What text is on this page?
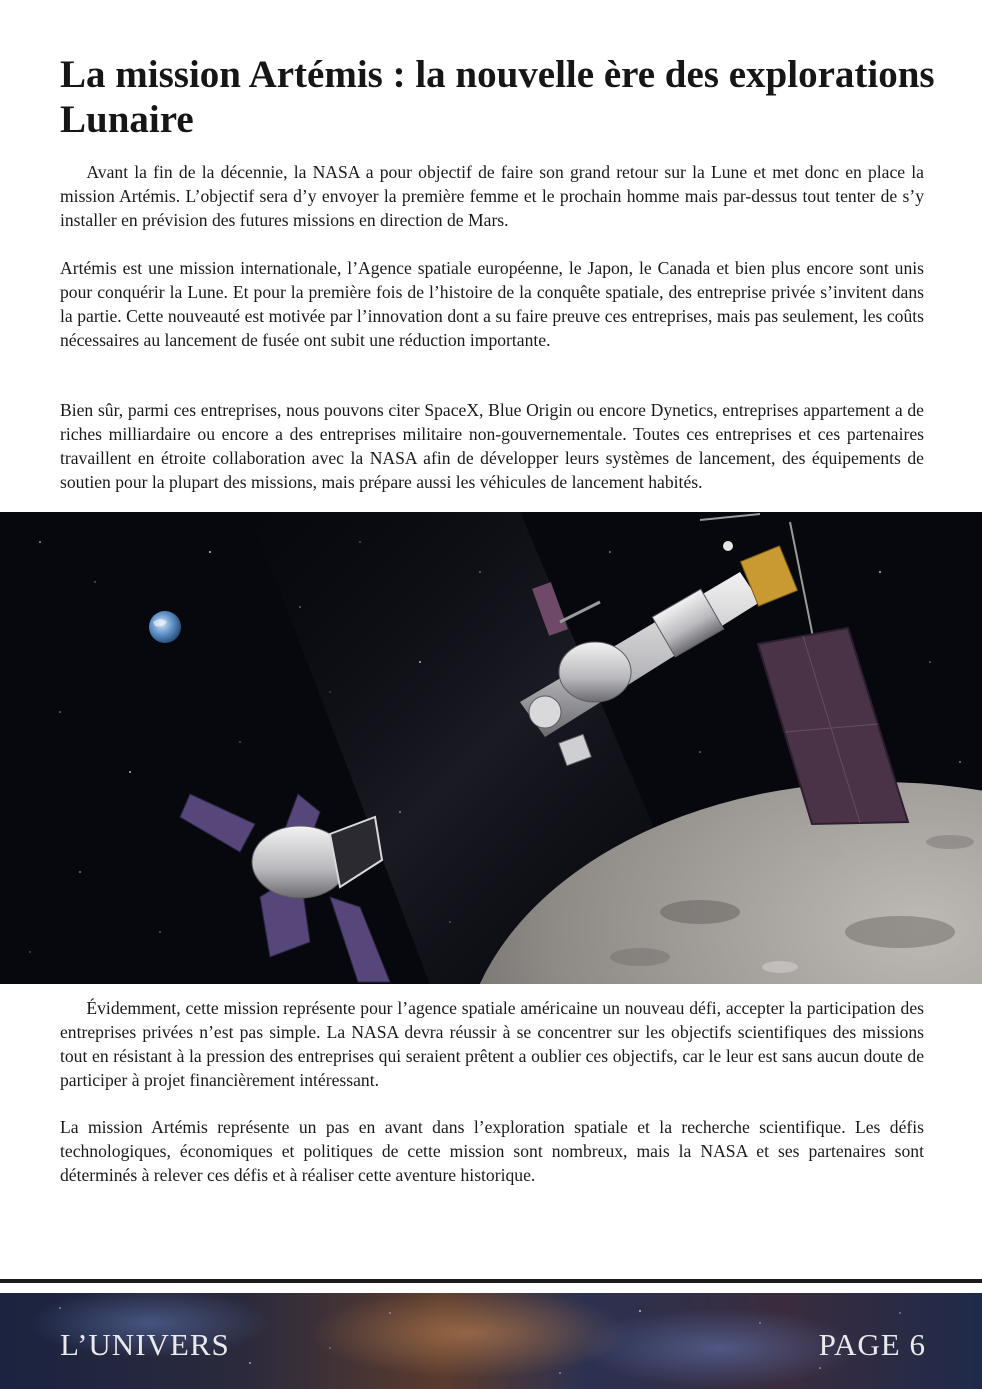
La mission Artémis : la nouvelle ère des explorations Lunaire

Avant la fin de la décennie, la NASA a pour objectif de faire son grand retour sur la Lune et met donc en place la mission Artémis. L’objectif sera d’y envoyer la première femme et le prochain homme mais par-dessus tout tenter de s’y installer en prévision des futures missions en direction de Mars.

Artémis est une mission internationale, l’Agence spatiale européenne, le Japon, le Canada et bien plus encore sont unis pour conquérir la Lune. Et pour la première fois de l’histoire de la conquête spatiale, des entreprise privée s’invitent dans la partie. Cette nouveauté est motivée par l’innovation dont a su faire preuve ces entreprises, mais pas seulement, les coûts nécessaires au lancement de fusée ont subit une réduction importante.

Bien sûr, parmi ces entreprises, nous pouvons citer SpaceX, Blue Origin ou encore Dynetics, entreprises appartement a de riches milliardaire ou encore a des entreprises militaire non-gouvernementale. Toutes ces entreprises et ces partenaires travaillent en étroite collaboration avec la NASA afin de développer leurs systèmes de lancement, des équipements de soutien pour la plupart des missions, mais prépare aussi les véhicules de lancement habités.

Évidemment, cette mission représente pour l’agence spatiale américaine un nouveau défi, accepter la participation des entreprises privées n’est pas simple. La NASA devra réussir à se concentrer sur les objectifs scientifiques des missions tout en résistant à la pression des entreprises qui seraient prêtent a oublier ces objectifs, car le leur est sans aucun doute de participer à projet financièrement intéressant.

La mission Artémis représente un pas en avant dans l’exploration spatiale et la recherche scientifique. Les défis technologiques, économiques et politiques de cette mission sont nombreux, mais la NASA et ses partenaires sont déterminés à relever ces défis et à réaliser cette aventure historique.

L’UNIVERS	PAGE 6
